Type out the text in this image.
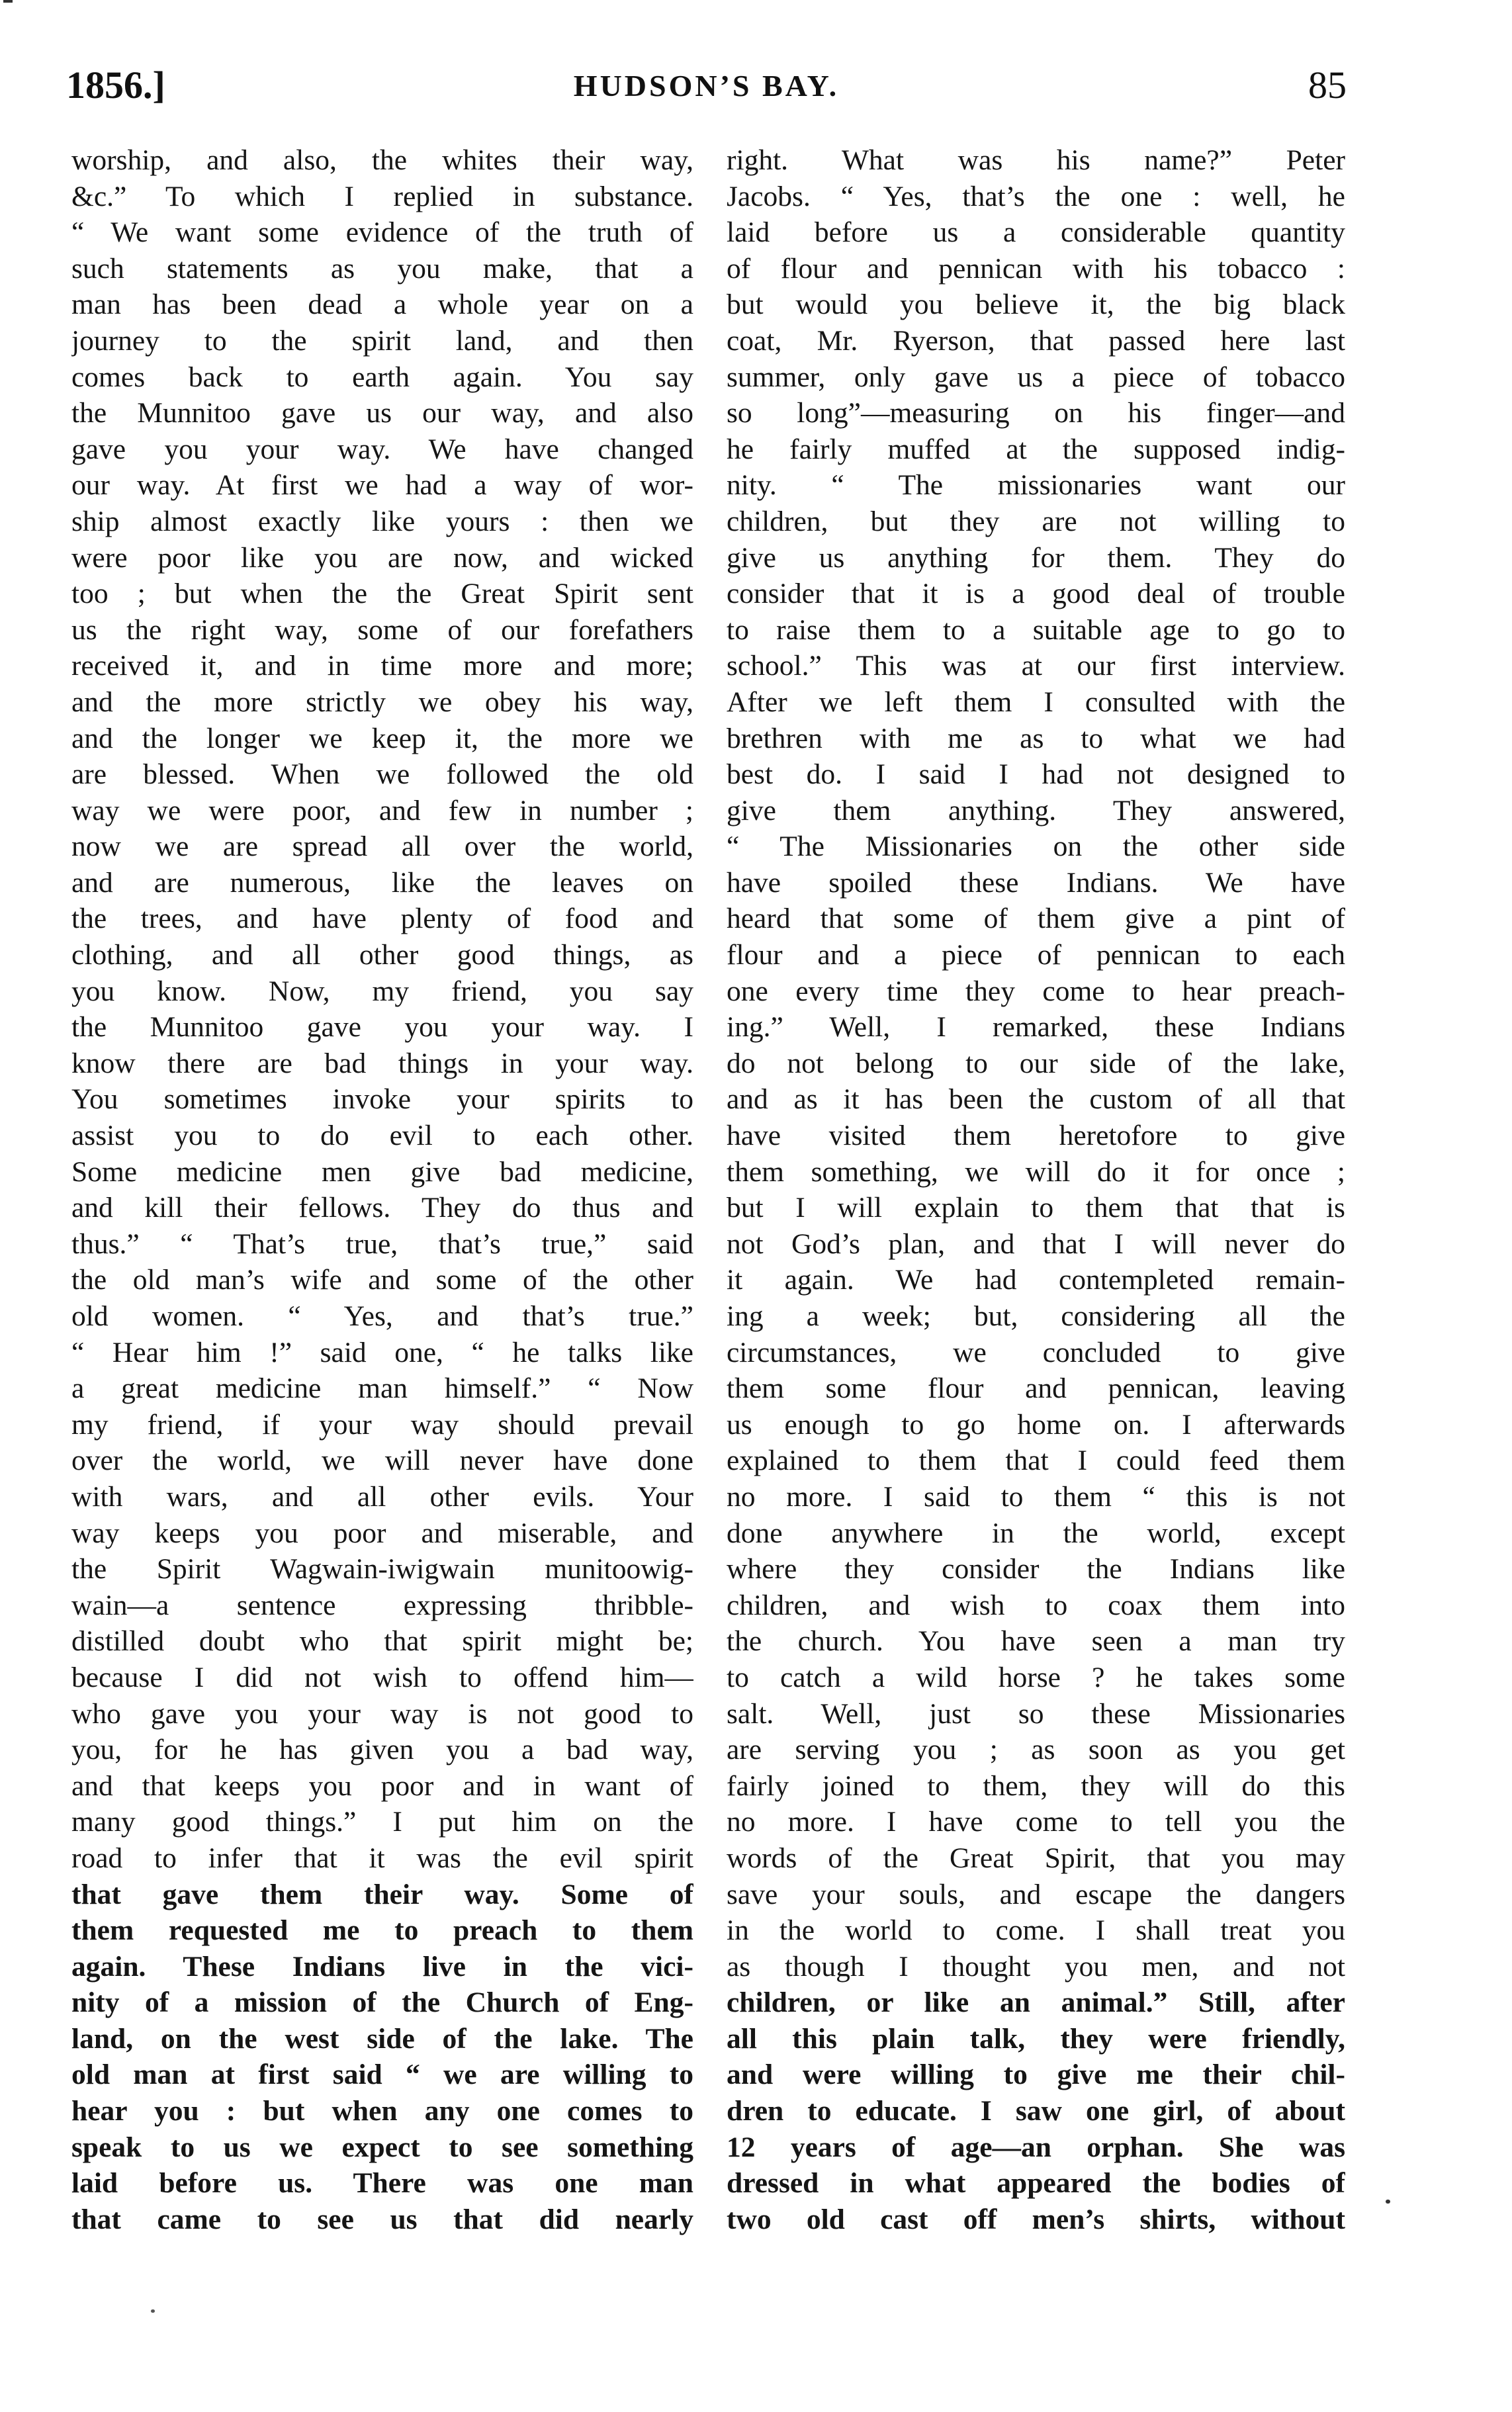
1856.]	HUDSON’S BAY.	85
worship, and also, the whites their way,
&c.” To which I replied in substance.
“ We want some evidence of the truth of
such statements as you make, that a
man has been dead a whole year on a
journey to the spirit land, and then
comes back to earth again. You say
the Munnitoo gave us our way, and also
gave you your way. We have changed
our way. At first we had a way of wor-
ship almost exactly like yours : then we
were poor like you are now, and wicked
too ; but when the the Great Spirit sent
us the right way, some of our forefathers
received it, and in time more and more;
and the more strictly we obey his way,
and the longer we keep it, the more we
are blessed. When we followed the old
way we were poor, and few in number ;
now we are spread all over the world,
and are numerous, like the leaves on
the trees, and have plenty of food and
clothing, and all other good things, as
you know. Now, my friend, you say
the Munnitoo gave you your way. I
know there are bad things in your way.
You sometimes invoke your spirits to
assist you to do evil to each other.
Some medicine men give bad medicine,
and kill their fellows. They do thus and
thus.” “ That’s true, that’s true,” said
the old man’s wife and some of the other
old women. “ Yes, and that’s true.”
“ Hear him !” said one, “ he talks like
a great medicine man himself.” “ Now
my friend, if your way should prevail
over the world, we will never have done
with wars, and all other evils. Your
way keeps you poor and miserable, and
the Spirit Wagwain-iwigwain munitoowig-
wain—a sentence expressing thribble-
distilled doubt who that spirit might be;
because I did not wish to offend him—
who gave you your way is not good to
you, for he has given you a bad way,
and that keeps you poor and in want of
many good things.” I put him on the
road to infer that it was the evil spirit
that gave them their way. Some of
them requested me to preach to them
again. These Indians live in the vici-
nity of a mission of the Church of Eng-
land, on the west side of the lake. The
old man at first said “ we are willing to
hear you : but when any one comes to
speak to us we expect to see something
laid before us. There was one man
that came to see us that did nearly
right. What was his name?” Peter
Jacobs. “ Yes, that’s the one : well, he
laid before us a considerable quantity
of flour and pennican with his tobacco :
but would you believe it, the big black
coat, Mr. Ryerson, that passed here last
summer, only gave us a piece of tobacco
so long”—measuring on his finger—and
he fairly muffed at the supposed indig-
nity. “ The missionaries want our
children, but they are not willing to
give us anything for them. They do
consider that it is a good deal of trouble
to raise them to a suitable age to go to
school.” This was at our first interview.
After we left them I consulted with the
brethren with me as to what we had
best do. I said I had not designed to
give them anything. They answered,
“ The Missionaries on the other side
have spoiled these Indians. We have
heard that some of them give a pint of
flour and a piece of pennican to each
one every time they come to hear preach-
ing.” Well, I remarked, these Indians
do not belong to our side of the lake,
and as it has been the custom of all that
have visited them heretofore to give
them something, we will do it for once ;
but I will explain to them that that is
not God’s plan, and that I will never do
it again. We had contempleted remain-
ing a week; but, considering all the
circumstances, we concluded to give
them some flour and pennican, leaving
us enough to go home on. I afterwards
explained to them that I could feed them
no more. I said to them “ this is not
done anywhere in the world, except
where they consider the Indians like
children, and wish to coax them into
the church. You have seen a man try
to catch a wild horse ? he takes some
salt. Well, just so these Missionaries
are serving you ; as soon as you get
fairly joined to them, they will do this
no more. I have come to tell you the
words of the Great Spirit, that you may
save your souls, and escape the dangers
in the world to come. I shall treat you
as though I thought you men, and not
children, or like an animal.” Still, after
all this plain talk, they were friendly,
and were willing to give me their chil-
dren to educate. I saw one girl, of about
12 years of age—an orphan. She was
dressed in what appeared the bodies of
two old cast off men’s shirts, without
